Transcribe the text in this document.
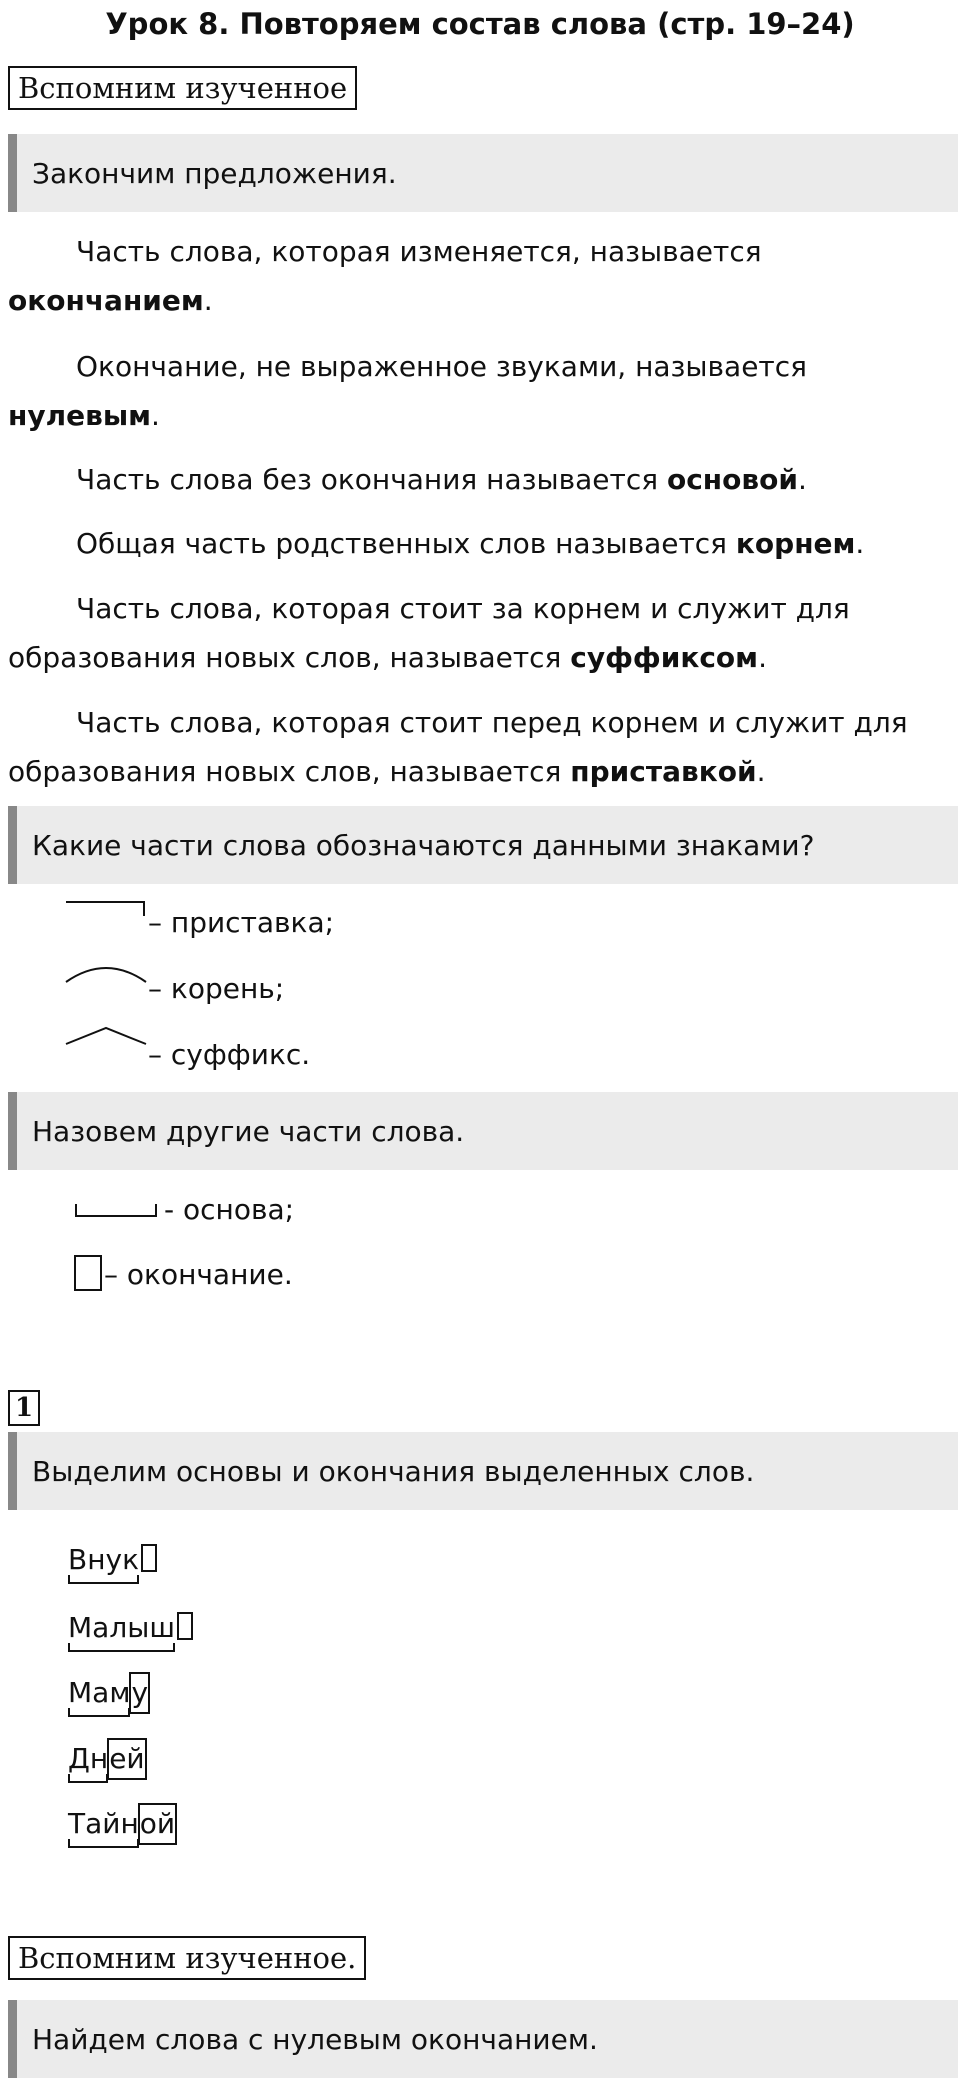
Урок 8. Повторяем состав слова (стр. 19–24)
Вспомним изученное
Закончим предложения.
Часть слова, которая изменяется, называется окончанием.
Окончание, не выраженное звуками, называется нулевым.
Часть слова без окончания называется основой.
Общая часть родственных слов называется корнем.
Часть слова, которая стоит за корнем и служит для образования новых слов, называется суффиксом.
Часть слова, которая стоит перед корнем и служит для образования новых слов, называется приставкой.
Какие части слова обозначаются данными знаками?
– приставка;
– корень;
– суффикс.
Назовем другие части слова.
- основа;
– окончание.
1
Выделим основы и окончания выделенных слов.
Внук
Малыш
Маму
Дней
Тайной
Вспомним изученное.
Найдем слова с нулевым окончанием.
